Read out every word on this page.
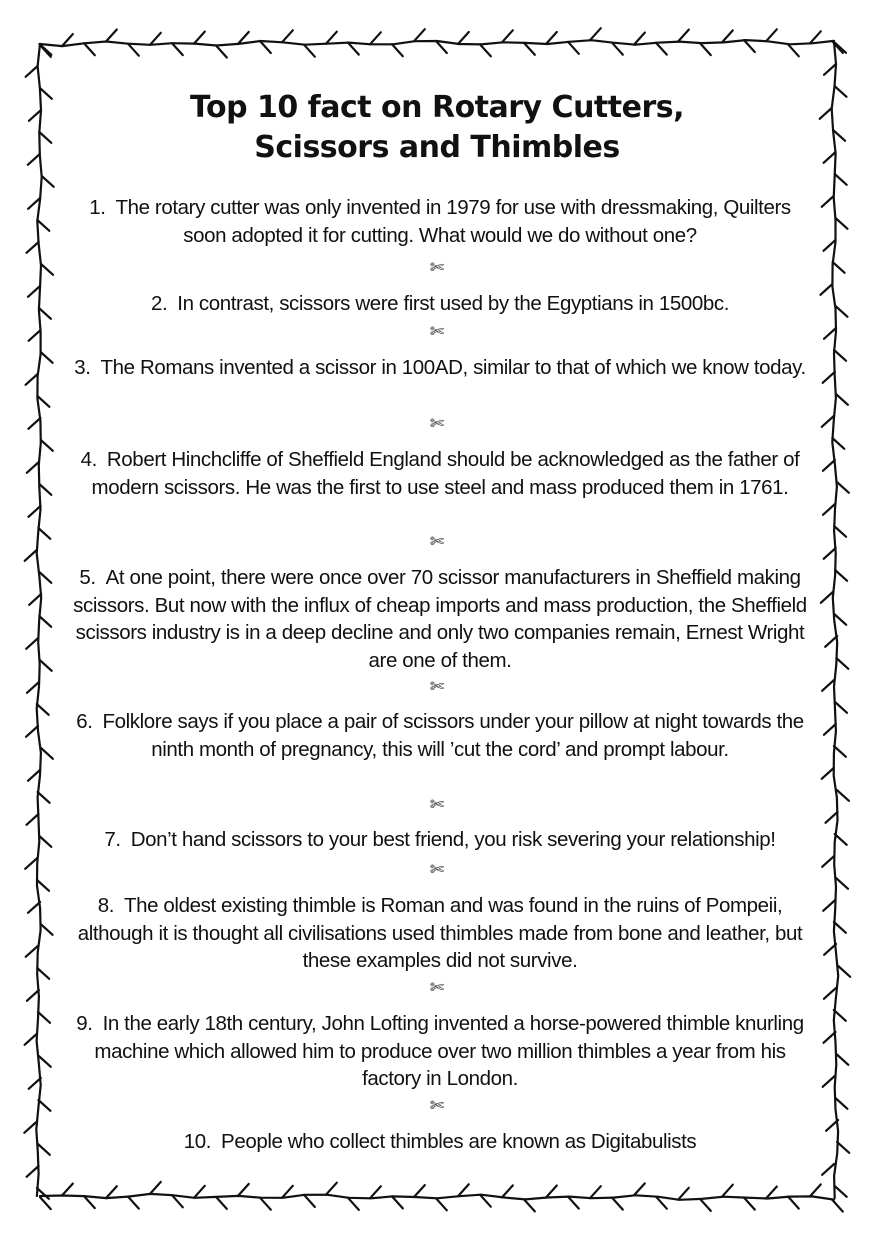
Top 10 fact on Rotary Cutters,
Scissors and Thimbles
1. The rotary cutter was only invented in 1979 for use with dressmaking, Quilters soon adopted it for cutting. What would we do without one?
✄
2. In contrast, scissors were first used by the Egyptians in 1500bc.
✄
3. The Romans invented a scissor in 100AD, similar to that of which we know today.
✄
4. Robert Hinchcliffe of Sheffield England should be acknowledged as the father of modern scissors. He was the first to use steel and mass produced them in 1761.
✄
5. At one point, there were once over 70 scissor manufacturers in Sheffield making scissors. But now with the influx of cheap imports and mass production, the Sheffield scissors industry is in a deep decline and only two companies remain, Ernest Wright are one of them.
✄
6. Folklore says if you place a pair of scissors under your pillow at night towards the ninth month of pregnancy, this will ’cut the cord’ and prompt labour.
✄
7. Don’t hand scissors to your best friend, you risk severing your relationship!
✄
8. The oldest existing thimble is Roman and was found in the ruins of Pompeii, although it is thought all civilisations used thimbles made from bone and leather, but these examples did not survive.
✄
9. In the early 18th century, John Lofting invented a horse-powered thimble knurling machine which allowed him to produce over two million thimbles a year from his factory in London.
✄
10. People who collect thimbles are known as Digitabulists
